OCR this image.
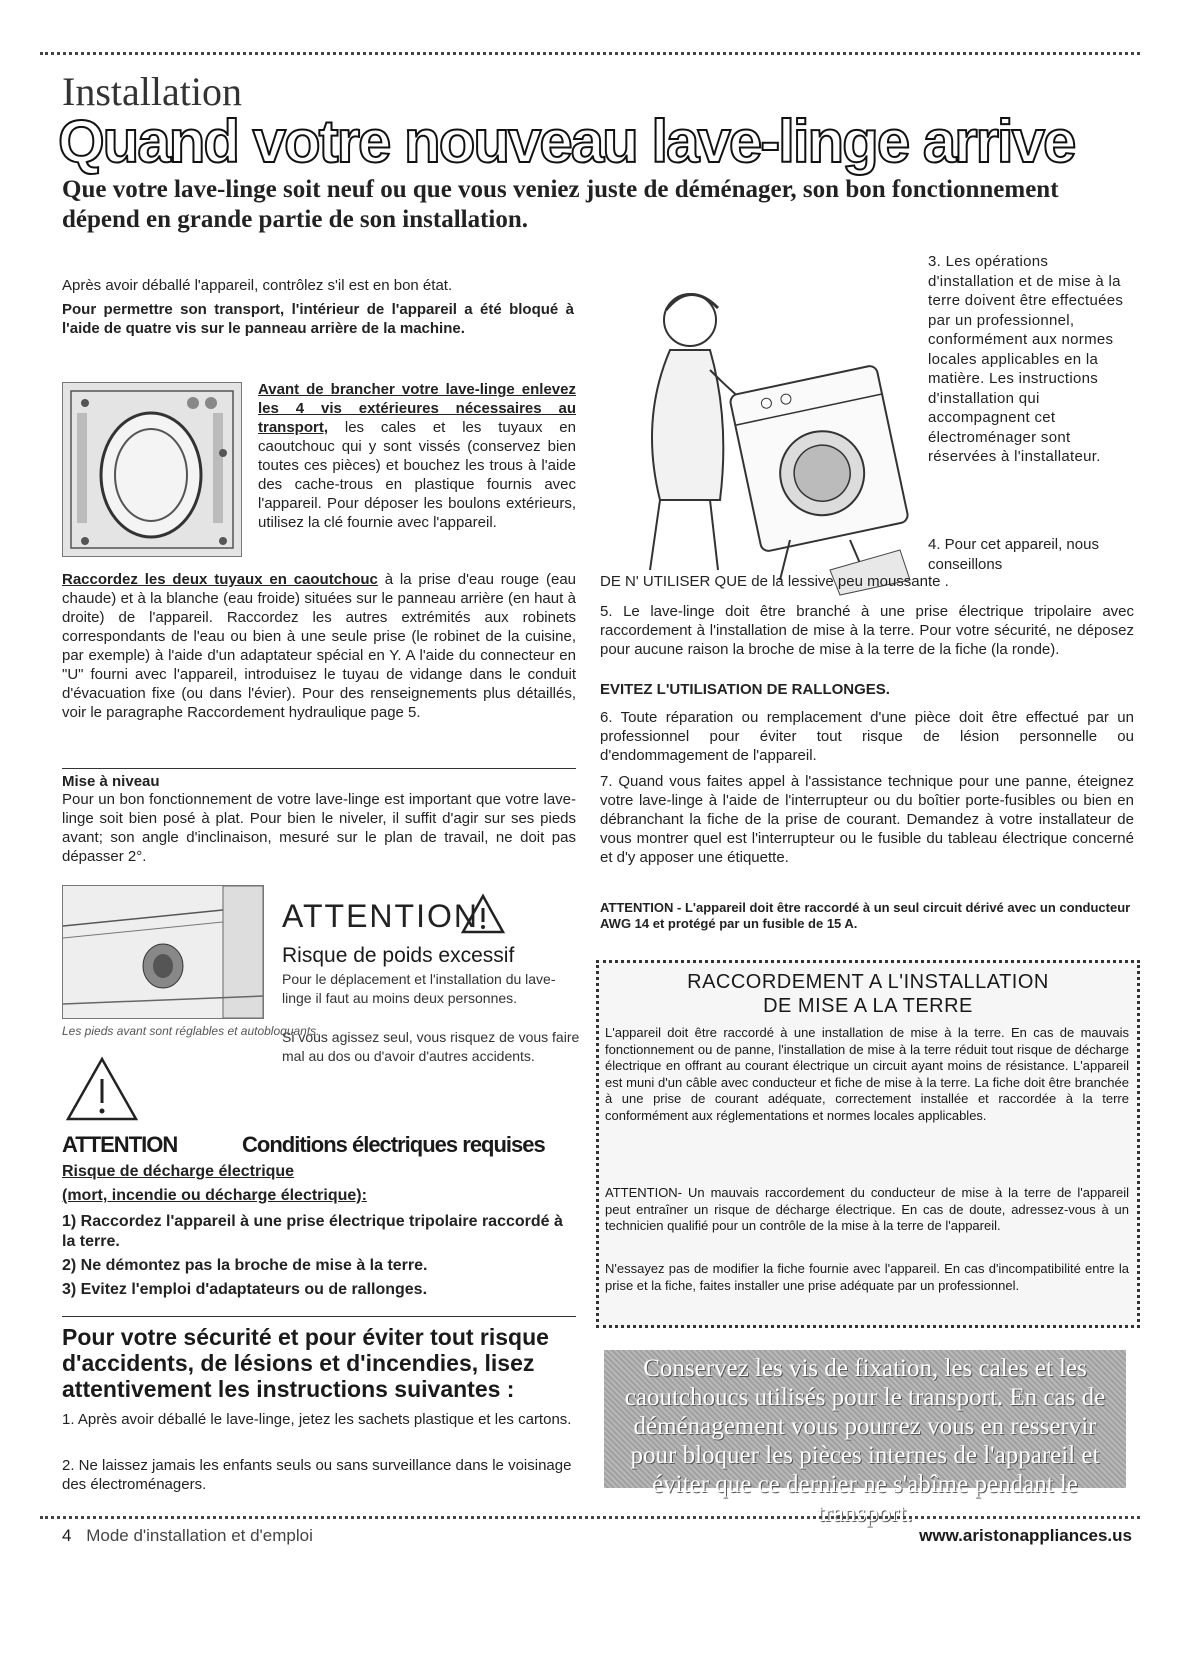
Installation
Quand votre nouveau lave-linge arrive
Que votre lave-linge soit neuf ou que vous veniez juste de déménager, son bon fonctionnement dépend en grande partie de son installation.
Après avoir déballé l'appareil, contrôlez s'il est en bon état.
Pour permettre son transport, l'intérieur de l'appareil a été bloqué à l'aide de quatre vis sur le panneau arrière de la machine.
Avant de brancher votre lave-linge enlevez les 4 vis extérieures nécessaires au transport, les cales et les tuyaux en caoutchouc qui y sont vissés (conservez bien toutes ces pièces) et bouchez les trous à l'aide des cache-trous en plastique fournis avec l'appareil. Pour déposer les boulons extérieurs, utilisez la clé fournie avec l'appareil.
Raccordez les deux tuyaux en caoutchouc à la prise d'eau rouge (eau chaude) et à la blanche (eau froide) situées sur le panneau arrière (en haut à droite) de l'appareil. Raccordez les autres extrémités aux robinets correspondants de l'eau ou bien à une seule prise (le robinet de la cuisine, par exemple) à l'aide d'un adaptateur spécial en Y. A l'aide du connecteur en "U" fourni avec l'appareil, introduisez le tuyau de vidange dans le conduit d'évacuation fixe (ou dans l'évier). Pour des renseignements plus détaillés, voir le paragraphe Raccordement hydraulique page 5.
Mise à niveau
Pour un bon fonctionnement de votre lave-linge est important que votre lave-linge soit bien posé à plat. Pour bien le niveler, il suffit d'agir sur ses pieds avant; son angle d'inclinaison, mesuré sur le plan de travail, ne doit pas dépasser 2°.
ATTENTION
Risque de poids excessif
Pour le déplacement et l'installation du lave-linge il faut au moins deux personnes.
Si vous agissez seul, vous risquez de vous faire mal au dos ou d'avoir d'autres accidents.
Les pieds avant sont réglables et autobloquants.
ATTENTION	Conditions électriques requises
Risque de décharge électrique
(mort, incendie ou décharge électrique):
1) Raccordez l'appareil à une prise électrique tripolaire raccordé à la terre.
2) Ne démontez pas la broche de mise à la terre.
3) Evitez l'emploi d'adaptateurs ou de rallonges.
Pour votre sécurité et pour éviter tout risque d'accidents, de lésions et d'incendies, lisez attentivement les instructions suivantes :
1. Après avoir déballé le lave-linge, jetez les sachets plastique et les cartons.
2. Ne laissez jamais les enfants seuls ou sans surveillance dans le voisinage des électroménagers.
3. Les opérations d'installation et de mise à la terre doivent être effectuées par un professionnel, conformément aux normes locales applicables en la matière. Les instructions d'installation qui accompagnent cet électroménager sont réservées à l'installateur.
4. Pour cet appareil, nous conseillons
DE N' UTILISER QUE de la lessive peu moussante .
5. Le lave-linge doit être branché à une prise électrique tripolaire avec raccordement à l'installation de mise à la terre. Pour votre sécurité, ne déposez pour aucune raison la broche de mise à la terre de la fiche (la ronde).
EVITEZ L'UTILISATION DE RALLONGES.
6. Toute réparation ou remplacement d'une pièce doit être effectué par un professionnel pour éviter tout risque de lésion personnelle ou d'endommagement de l'appareil.
7. Quand vous faites appel à l'assistance technique pour une panne, éteignez votre lave-linge à l'aide de l'interrupteur ou du boîtier porte-fusibles ou bien en débranchant la fiche de la prise de courant. Demandez à votre installateur de vous montrer quel est l'interrupteur ou le fusible du tableau électrique concerné et d'y apposer une étiquette.
ATTENTION - L'appareil doit être raccordé à un seul circuit dérivé avec un conducteur AWG 14 et protégé par un fusible de 15 A.
RACCORDEMENT A L'INSTALLATION
DE MISE A LA TERRE
L'appareil doit être raccordé à une installation de mise à la terre. En cas de mauvais fonctionnement ou de panne, l'installation de mise à la terre réduit tout risque de décharge électrique en offrant au courant électrique un circuit ayant moins de résistance. L'appareil est muni d'un câble avec conducteur et fiche de mise à la terre. La fiche doit être branchée à une prise de courant adéquate, correctement installée et raccordée à la terre conformément aux réglementations et normes locales applicables.
ATTENTION- Un mauvais raccordement du conducteur de mise à la terre de l'appareil peut entraîner un risque de décharge électrique. En cas de doute, adressez-vous à un technicien qualifié pour un contrôle de la mise à la terre de l'appareil.
N'essayez pas de modifier la fiche fournie avec l'appareil. En cas d'incompatibilité entre la prise et la fiche, faites installer une prise adéquate par un professionnel.
Conservez les vis de fixation, les cales et les caoutchoucs utilisés pour le transport. En cas de déménagement vous pourrez vous en resservir pour bloquer les pièces internes de l'appareil et éviter que ce dernier ne s'abîme pendant le transport.
4 Mode d'installation et d'emploi	www.aristonappliances.us
